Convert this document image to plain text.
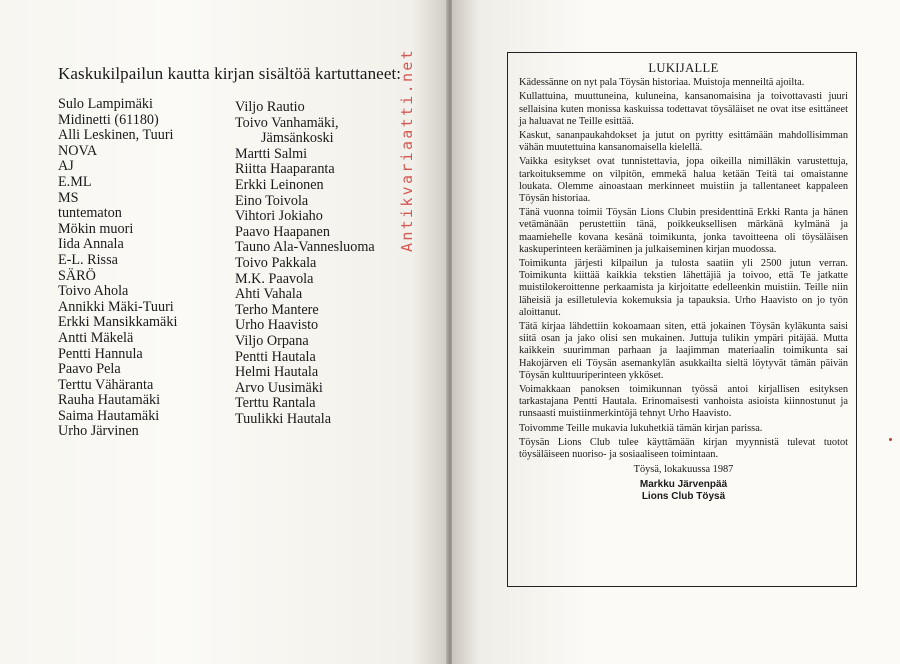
Kaskukilpailun kautta kirjan sisältöä kartuttaneet:
Sulo Lampimäki
Midinetti (61180)
Alli Leskinen, Tuuri
NOVA
AJ
E.ML
MS
tuntematon
Mökin muori
Iida Annala
E-L. Rissa
SÄRÖ
Toivo Ahola
Annikki Mäki-Tuuri
Erkki Mansikkamäki
Antti Mäkelä
Pentti Hannula
Paavo Pela
Terttu Vähäranta
Rauha Hautamäki
Saima Hautamäki
Urho Järvinen
Viljo Rautio
Toivo Vanhamäki,
Jämsänkoski
Martti Salmi
Riitta Haaparanta
Erkki Leinonen
Eino Toivola
Vihtori Jokiaho
Paavo Haapanen
Tauno Ala-Vannesluoma
Toivo Pakkala
M.K. Paavola
Ahti Vahala
Terho Mantere
Urho Haavisto
Viljo Orpana
Pentti Hautala
Helmi Hautala
Arvo Uusimäki
Terttu Rantala
Tuulikki Hautala
Antikvariaatti.net	LUKIJALLE

Kädessänne on nyt pala Töysän historiaa. Muistoja menneiltä ajoilta.

Kullattuina, muuttuneina, kuluneina, kansanomaisina ja toivottavasti juuri sellaisina kuten monissa kaskuissa todettavat töysäläiset ne ovat itse esittäneet ja haluavat ne Teille esittää.

Kaskut, sananpaukahdokset ja jutut on pyritty esittämään mahdollisimman vähän muutettuina kansanomaisella kielellä.

Vaikka esitykset ovat tunnistettavia, jopa oikeilla nimilläkin varustettuja, tarkoituksemme on vilpitön, emmekä halua ketään Teitä tai omaistanne loukata. Olemme ainoastaan merkinneet muistiin ja tallentaneet kappaleen Töysän historiaa.

Tänä vuonna toimii Töysän Lions Clubin presidenttinä Erkki Ranta ja hänen vetämänään perustettiin tänä, poikkeuksellisen märkänä kylmänä ja maamiehelle kovana kesänä toimikunta, jonka tavoitteena oli töysäläisen kaskuperinteen kerääminen ja julkaiseminen kirjan muodossa.

Toimikunta järjesti kilpailun ja tulosta saatiin yli 2500 jutun verran. Toimikunta kiittää kaikkia tekstien lähettäjiä ja toivoo, että Te jatkatte muistilokeroittenne perkaamista ja kirjoitatte edelleenkin muistiin. Teille niin läheisiä ja esilletulevia kokemuksia ja tapauksia. Urho Haavisto on jo työn aloittanut.

Tätä kirjaa lähdettiin kokoamaan siten, että jokainen Töysän kyläkunta saisi siitä osan ja jako olisi sen mukainen. Juttuja tulikin ympäri pitäjää. Mutta kaikkein suurimman parhaan ja laajimman materiaalin toimikunta sai Hakojärven eli Töysän asemankylän asukkailta sieltä löytyvät tämän päivän Töysän kulttuuriperinteen ykköset.

Voimakkaan panoksen toimikunnan työssä antoi kirjallisen esityksen tarkastajana Pentti Hautala. Erinomaisesti vanhoista asioista kiinnostunut ja runsaasti muistiinmerkintöjä tehnyt Urho Haavisto.

Toivomme Teille mukavia lukuhetkiä tämän kirjan parissa.

Töysän Lions Club tulee käyttämään kirjan myynnistä tulevat tuotot töysäläiseen nuoriso- ja sosiaaliseen toimintaan.

Töysä, lokakuussa 1987

Markku Järvenpää

Lions Club Töysä
